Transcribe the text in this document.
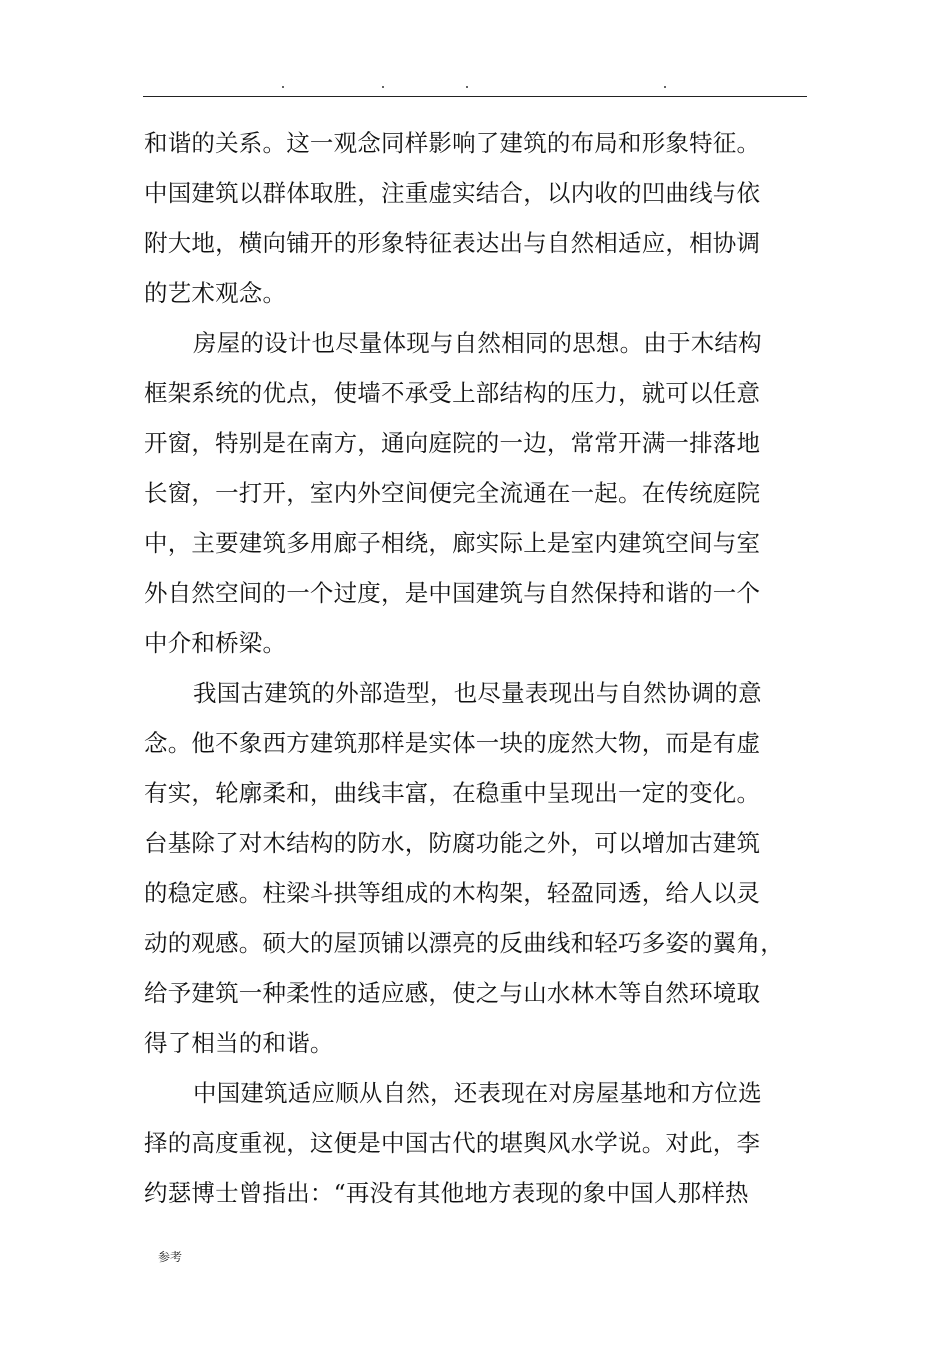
和谐的关系。这一观念同样影响了建筑的布局和形象特征。
中国建筑以群体取胜，注重虚实结合，以内收的凹曲线与依
附大地，横向铺开的形象特征表达出与自然相适应，相协调
的艺术观念。
房屋的设计也尽量体现与自然相同的思想。由于木结构
框架系统的优点，使墙不承受上部结构的压力，就可以任意
开窗，特别是在南方，通向庭院的一边，常常开满一排落地
长窗，一打开，室内外空间便完全流通在一起。在传统庭院
中，主要建筑多用廊子相绕，廊实际上是室内建筑空间与室
外自然空间的一个过度，是中国建筑与自然保持和谐的一个
中介和桥梁。
我国古建筑的外部造型，也尽量表现出与自然协调的意
念。他不象西方建筑那样是实体一块的庞然大物，而是有虚
有实，轮廓柔和，曲线丰富，在稳重中呈现出一定的变化。
台基除了对木结构的防水，防腐功能之外，可以增加古建筑
的稳定感。柱梁斗拱等组成的木构架，轻盈同透，给人以灵
动的观感。硕大的屋顶铺以漂亮的反曲线和轻巧多姿的翼角，
给予建筑一种柔性的适应感，使之与山水林木等自然环境取
得了相当的和谐。
中国建筑适应顺从自然，还表现在对房屋基地和方位选
择的高度重视，这便是中国古代的堪舆风水学说。对此，李
约瑟博士曾指出：“再没有其他地方表现的象中国人那样热
参考
